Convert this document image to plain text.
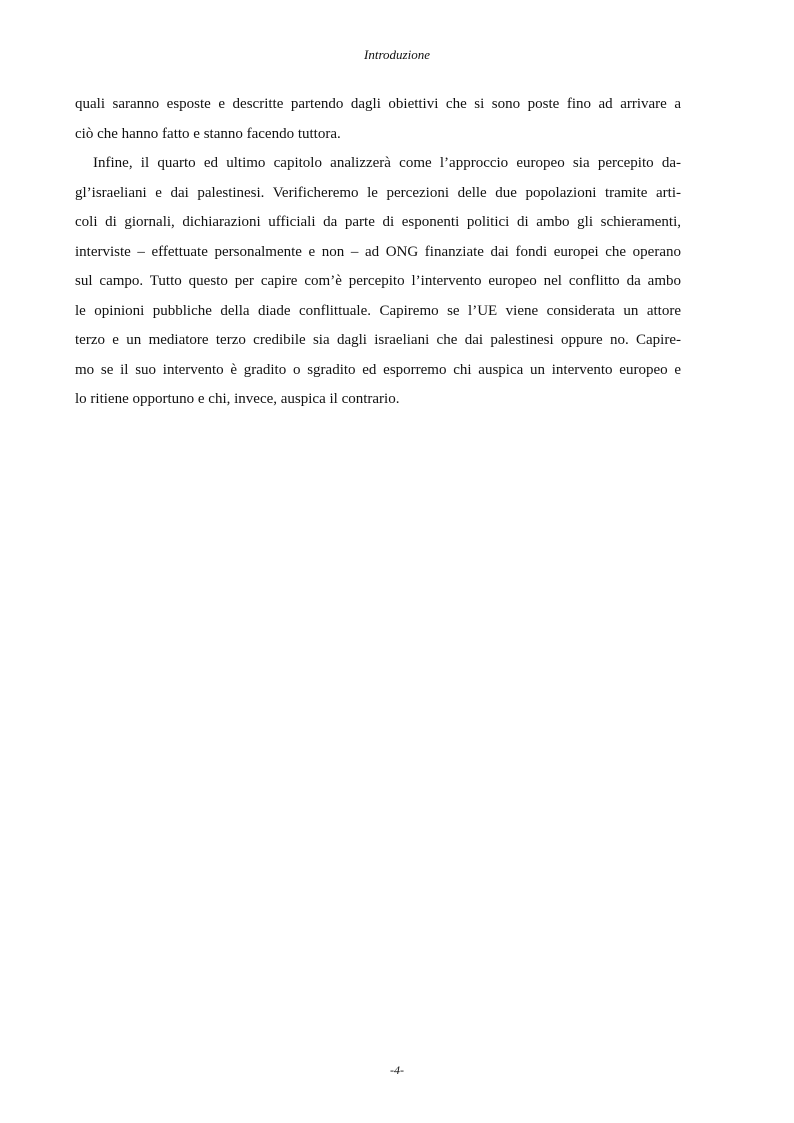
Introduzione
quali saranno esposte e descritte partendo dagli obiettivi che si sono poste fino ad arrivare a
ciò che hanno fatto e stanno facendo tuttora.
Infine, il quarto ed ultimo capitolo analizzerà come l’approccio europeo sia percepito da-
gl’israeliani e dai palestinesi. Verificheremo le percezioni delle due popolazioni tramite arti-
coli di giornali, dichiarazioni ufficiali da parte di esponenti politici di ambo gli schieramenti,
interviste – effettuate personalmente e non – ad ONG finanziate dai fondi europei che operano
sul campo. Tutto questo per capire com’è percepito l’intervento europeo nel conflitto da ambo
le opinioni pubbliche della diade conflittuale. Capiremo se l’UE viene considerata un attore
terzo e un mediatore terzo credibile sia dagli israeliani che dai palestinesi oppure no. Capire-
mo se il suo intervento è gradito o sgradito ed esporremo chi auspica un intervento europeo e
lo ritiene opportuno e chi, invece, auspica il contrario.
-4-
